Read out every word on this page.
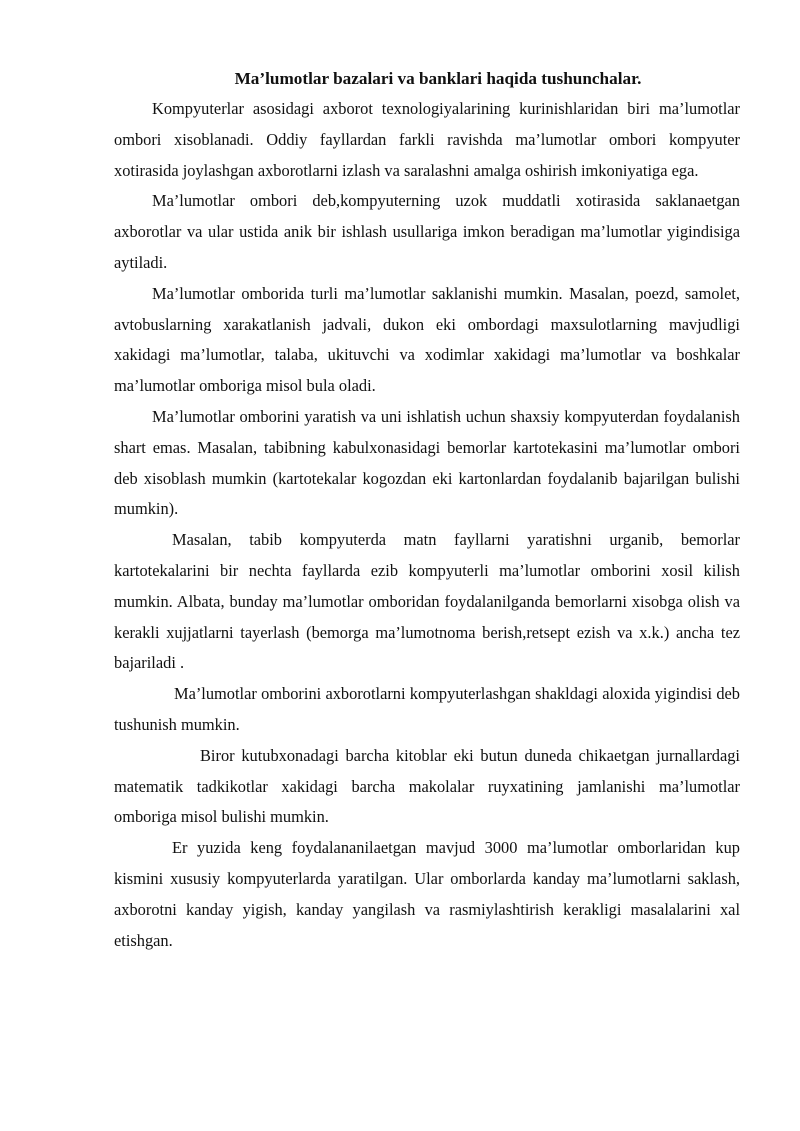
Ma’lumotlar bazalari va banklari haqida tushunchalar.

Kompyuterlar asosidagi axborot texnologiyalarining kurinishlaridan biri ma’lumotlar ombori xisoblanadi. Oddiy fayllardan farkli ravishda ma’lumotlar ombori kompyuter xotirasida joylashgan axborotlarni izlash va saralashni amalga oshirish imkoniyatiga ega.

Ma’lumotlar ombori deb,kompyuterning uzok muddatli xotirasida saklanaetgan axborotlar va ular ustida anik bir ishlash usullariga imkon beradigan ma’lumotlar yigindisiga aytiladi.

Ma’lumotlar omborida turli ma’lumotlar saklanishi mumkin. Masalan, poezd, samolet, avtobuslarning xarakatlanish jadvali, dukon eki ombordagi maxsulotlarning mavjudligi xakidagi ma’lumotlar, talaba, ukituvchi va xodimlar xakidagi ma’lumotlar va boshkalar ma’lumotlar omboriga misol bula oladi.

Ma’lumotlar omborini yaratish va uni ishlatish uchun shaxsiy kompyuterdan foydalanish shart emas. Masalan, tabibning kabulxonasidagi bemorlar kartotekasini ma’lumotlar ombori deb xisoblash mumkin (kartotekalar kogozdan eki kartonlardan foydalanib bajarilgan bulishi mumkin).

Masalan, tabib kompyuterda matn fayllarni yaratishni urganib, bemorlar kartotekalarini bir nechta fayllarda ezib kompyuterli ma’lumotlar omborini xosil kilish mumkin. Albata, bunday ma’lumotlar omboridan foydalanilganda bemorlarni xisobga olish va kerakli xujjatlarni tayerlash (bemorga ma’lumotnoma berish,retsept ezish va x.k.) ancha tez bajariladi .

Ma’lumotlar omborini axborotlarni kompyuterlashgan shakldagi aloxida yigindisi deb tushunish mumkin.

Biror kutubxonadagi barcha kitoblar eki butun duneda chikaetgan jurnallardagi matematik tadkikotlar xakidagi barcha makolalar ruyxatining jamlanishi ma’lumotlar omboriga misol bulishi mumkin.

Er yuzida keng foydalananilaetgan mavjud 3000 ma’lumotlar omborlaridan kup kismini xususiy kompyuterlarda yaratilgan. Ular omborlarda kanday ma’lumotlarni saklash, axborotni kanday yigish, kanday yangilash va rasmiylashtirish kerakligi masalalarini xal etishgan.
